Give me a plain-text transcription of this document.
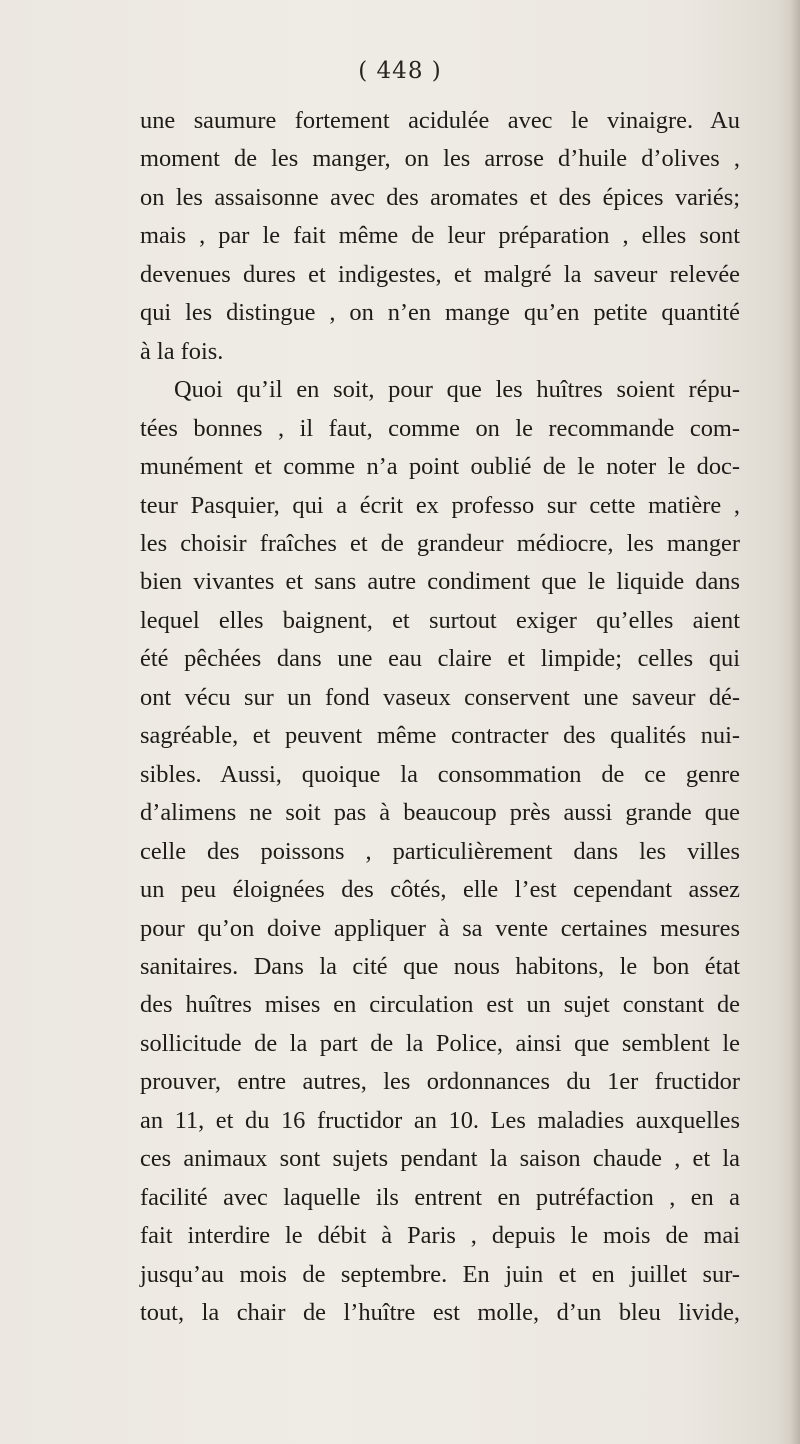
( 448 )
une saumure fortement acidulée avec le vinaigre. Au
moment de les manger, on les arrose d’huile d’olives ,
on les assaisonne avec des aromates et des épices variés;
mais , par le fait même de leur préparation , elles sont
devenues dures et indigestes, et malgré la saveur relevée
qui les distingue , on n’en mange qu’en petite quantité
à la fois.
Quoi qu’il en soit, pour que les huîtres soient répu-
tées bonnes , il faut, comme on le recommande com-
munément et comme n’a point oublié de le noter le doc-
teur Pasquier, qui a écrit ex professo sur cette matière ,
les choisir fraîches et de grandeur médiocre, les manger
bien vivantes et sans autre condiment que le liquide dans
lequel elles baignent, et surtout exiger qu’elles aient
été pêchées dans une eau claire et limpide; celles qui
ont vécu sur un fond vaseux conservent une saveur dé-
sagréable, et peuvent même contracter des qualités nui-
sibles. Aussi, quoique la consommation de ce genre
d’alimens ne soit pas à beaucoup près aussi grande que
celle des poissons , particulièrement dans les villes
un peu éloignées des côtés, elle l’est cependant assez
pour qu’on doive appliquer à sa vente certaines mesures
sanitaires. Dans la cité que nous habitons, le bon état
des huîtres mises en circulation est un sujet constant de
sollicitude de la part de la Police, ainsi que semblent le
prouver, entre autres, les ordonnances du 1er fructidor
an 11, et du 16 fructidor an 10. Les maladies auxquelles
ces animaux sont sujets pendant la saison chaude , et la
facilité avec laquelle ils entrent en putréfaction , en a
fait interdire le débit à Paris , depuis le mois de mai
jusqu’au mois de septembre. En juin et en juillet sur-
tout, la chair de l’huître est molle, d’un bleu livide,
